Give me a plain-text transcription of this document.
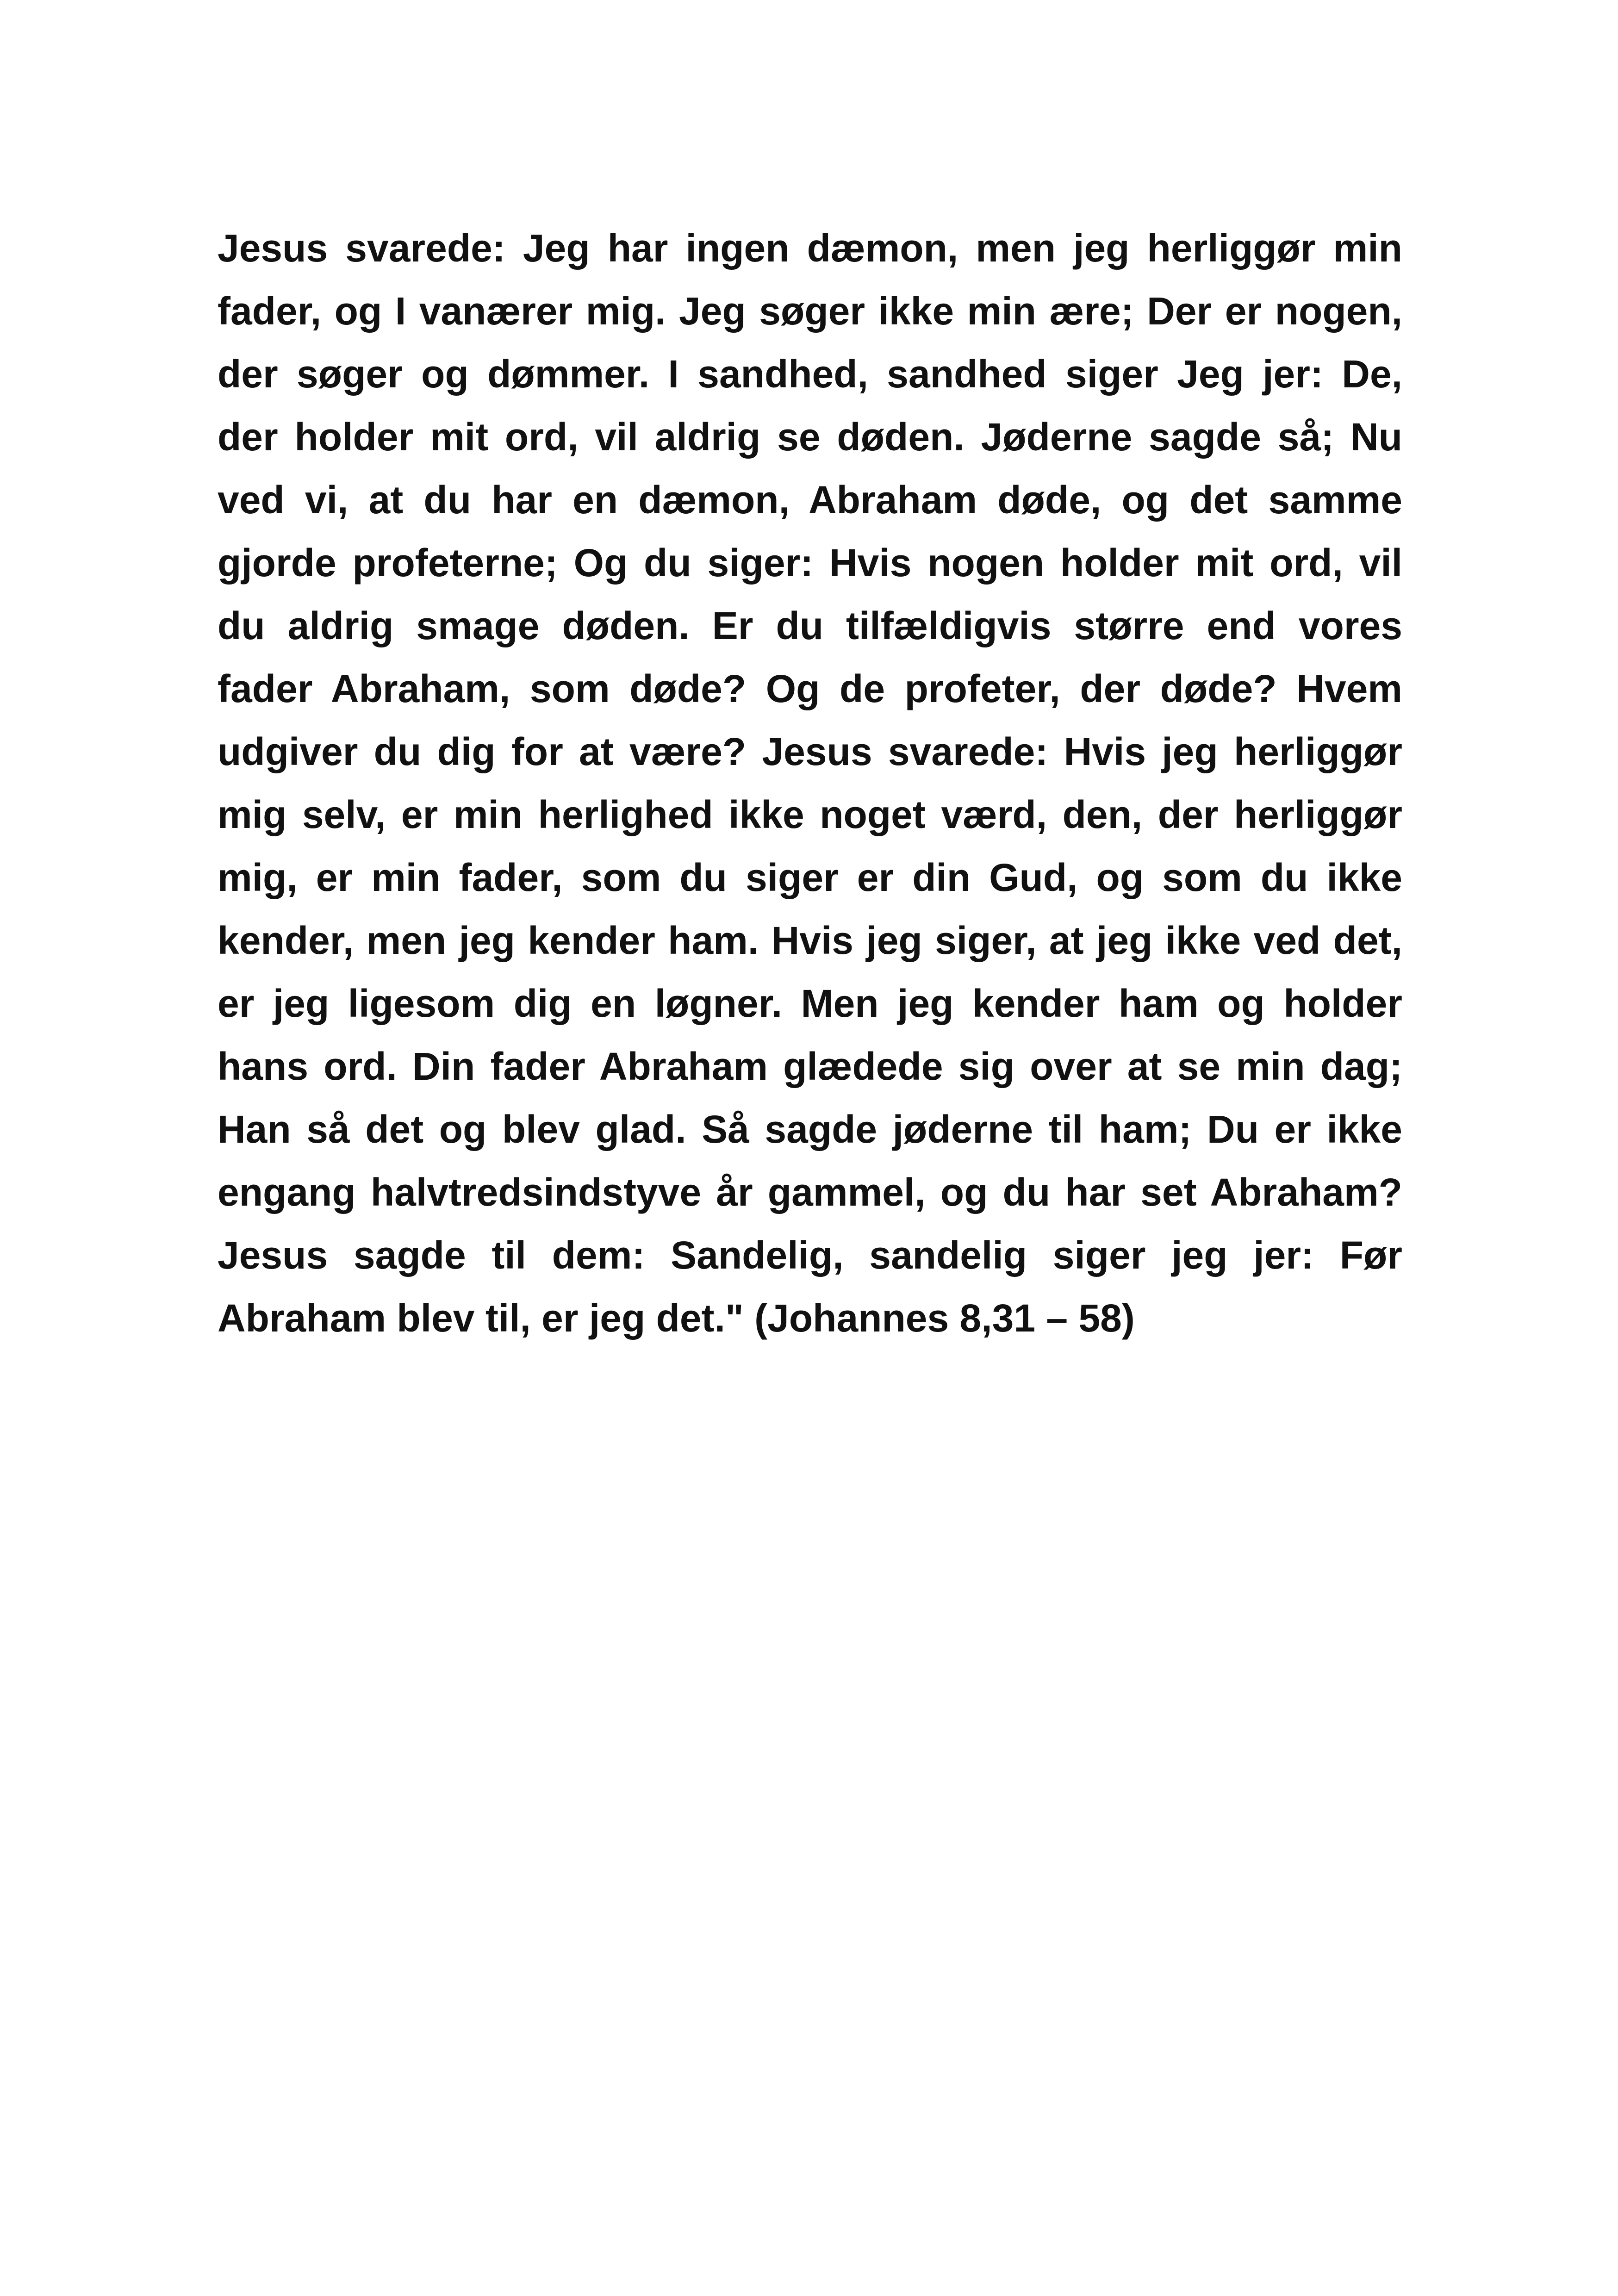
Jesus svarede: Jeg har ingen dæmon, men jeg herliggør min
fader, og I vanærer mig. Jeg søger ikke min ære; Der er nogen,
der søger og dømmer. I sandhed, sandhed siger Jeg jer: De,
der holder mit ord, vil aldrig se døden. Jøderne sagde så; Nu
ved vi, at du har en dæmon, Abraham døde, og det samme
gjorde profeterne; Og du siger: Hvis nogen holder mit ord, vil
du aldrig smage døden. Er du tilfældigvis større end vores
fader Abraham, som døde? Og de profeter, der døde? Hvem
udgiver du dig for at være? Jesus svarede: Hvis jeg herliggør
mig selv, er min herlighed ikke noget værd, den, der herliggør
mig, er min fader, som du siger er din Gud, og som du ikke
kender, men jeg kender ham. Hvis jeg siger, at jeg ikke ved det,
er jeg ligesom dig en løgner. Men jeg kender ham og holder
hans ord. Din fader Abraham glædede sig over at se min dag;
Han så det og blev glad. Så sagde jøderne til ham; Du er ikke
engang halvtredsindstyve år gammel, og du har set Abraham?
Jesus sagde til dem: Sandelig, sandelig siger jeg jer: Før
Abraham blev til, er jeg det." (Johannes 8,31 – 58)
